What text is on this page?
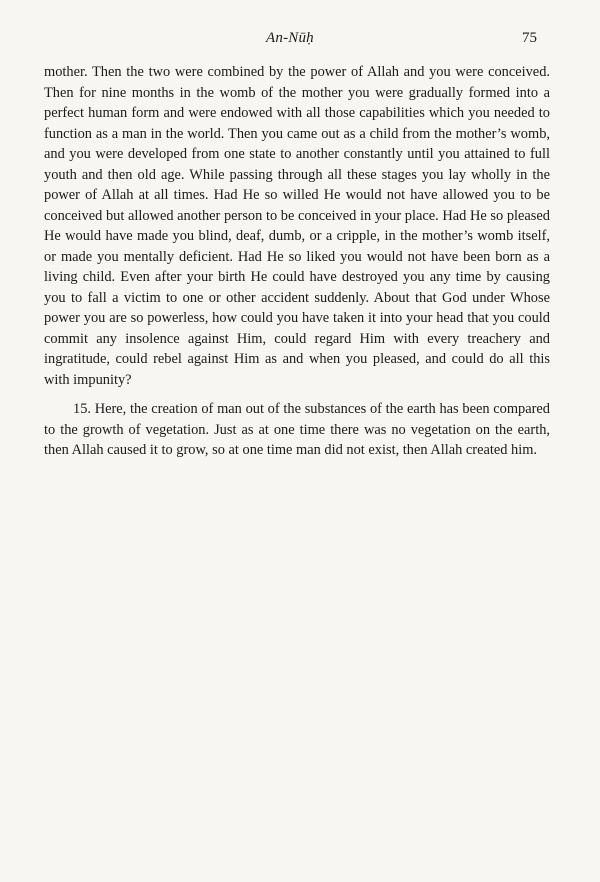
An-Nūḥ	75

mother. Then the two were combined by the power of Allah and you were conceived. Then for nine months in the womb of the mother you were gradually formed into a perfect human form and were endowed with all those capabilities which you needed to function as a man in the world. Then you came out as a child from the mother’s womb, and you were developed from one state to another constantly until you attained to full youth and then old age. While passing through all these stages you lay wholly in the power of Allah at all times. Had He so willed He would not have allowed you to be conceived but allowed another person to be conceived in your place. Had He so pleased He would have made you blind, deaf, dumb, or a cripple, in the mother’s womb itself, or made you mentally deficient. Had He so liked you would not have been born as a living child. Even after your birth He could have destroyed you any time by causing you to fall a victim to one or other accident suddenly. About that God under Whose power you are so powerless, how could you have taken it into your head that you could commit any insolence against Him, could regard Him with every treachery and ingratitude, could rebel against Him as and when you pleased, and could do all this with impunity?

15. Here, the creation of man out of the substances of the earth has been compared to the growth of vegetation. Just as at one time there was no vegetation on the earth, then Allah caused it to grow, so at one time man did not exist, then Allah created him.
